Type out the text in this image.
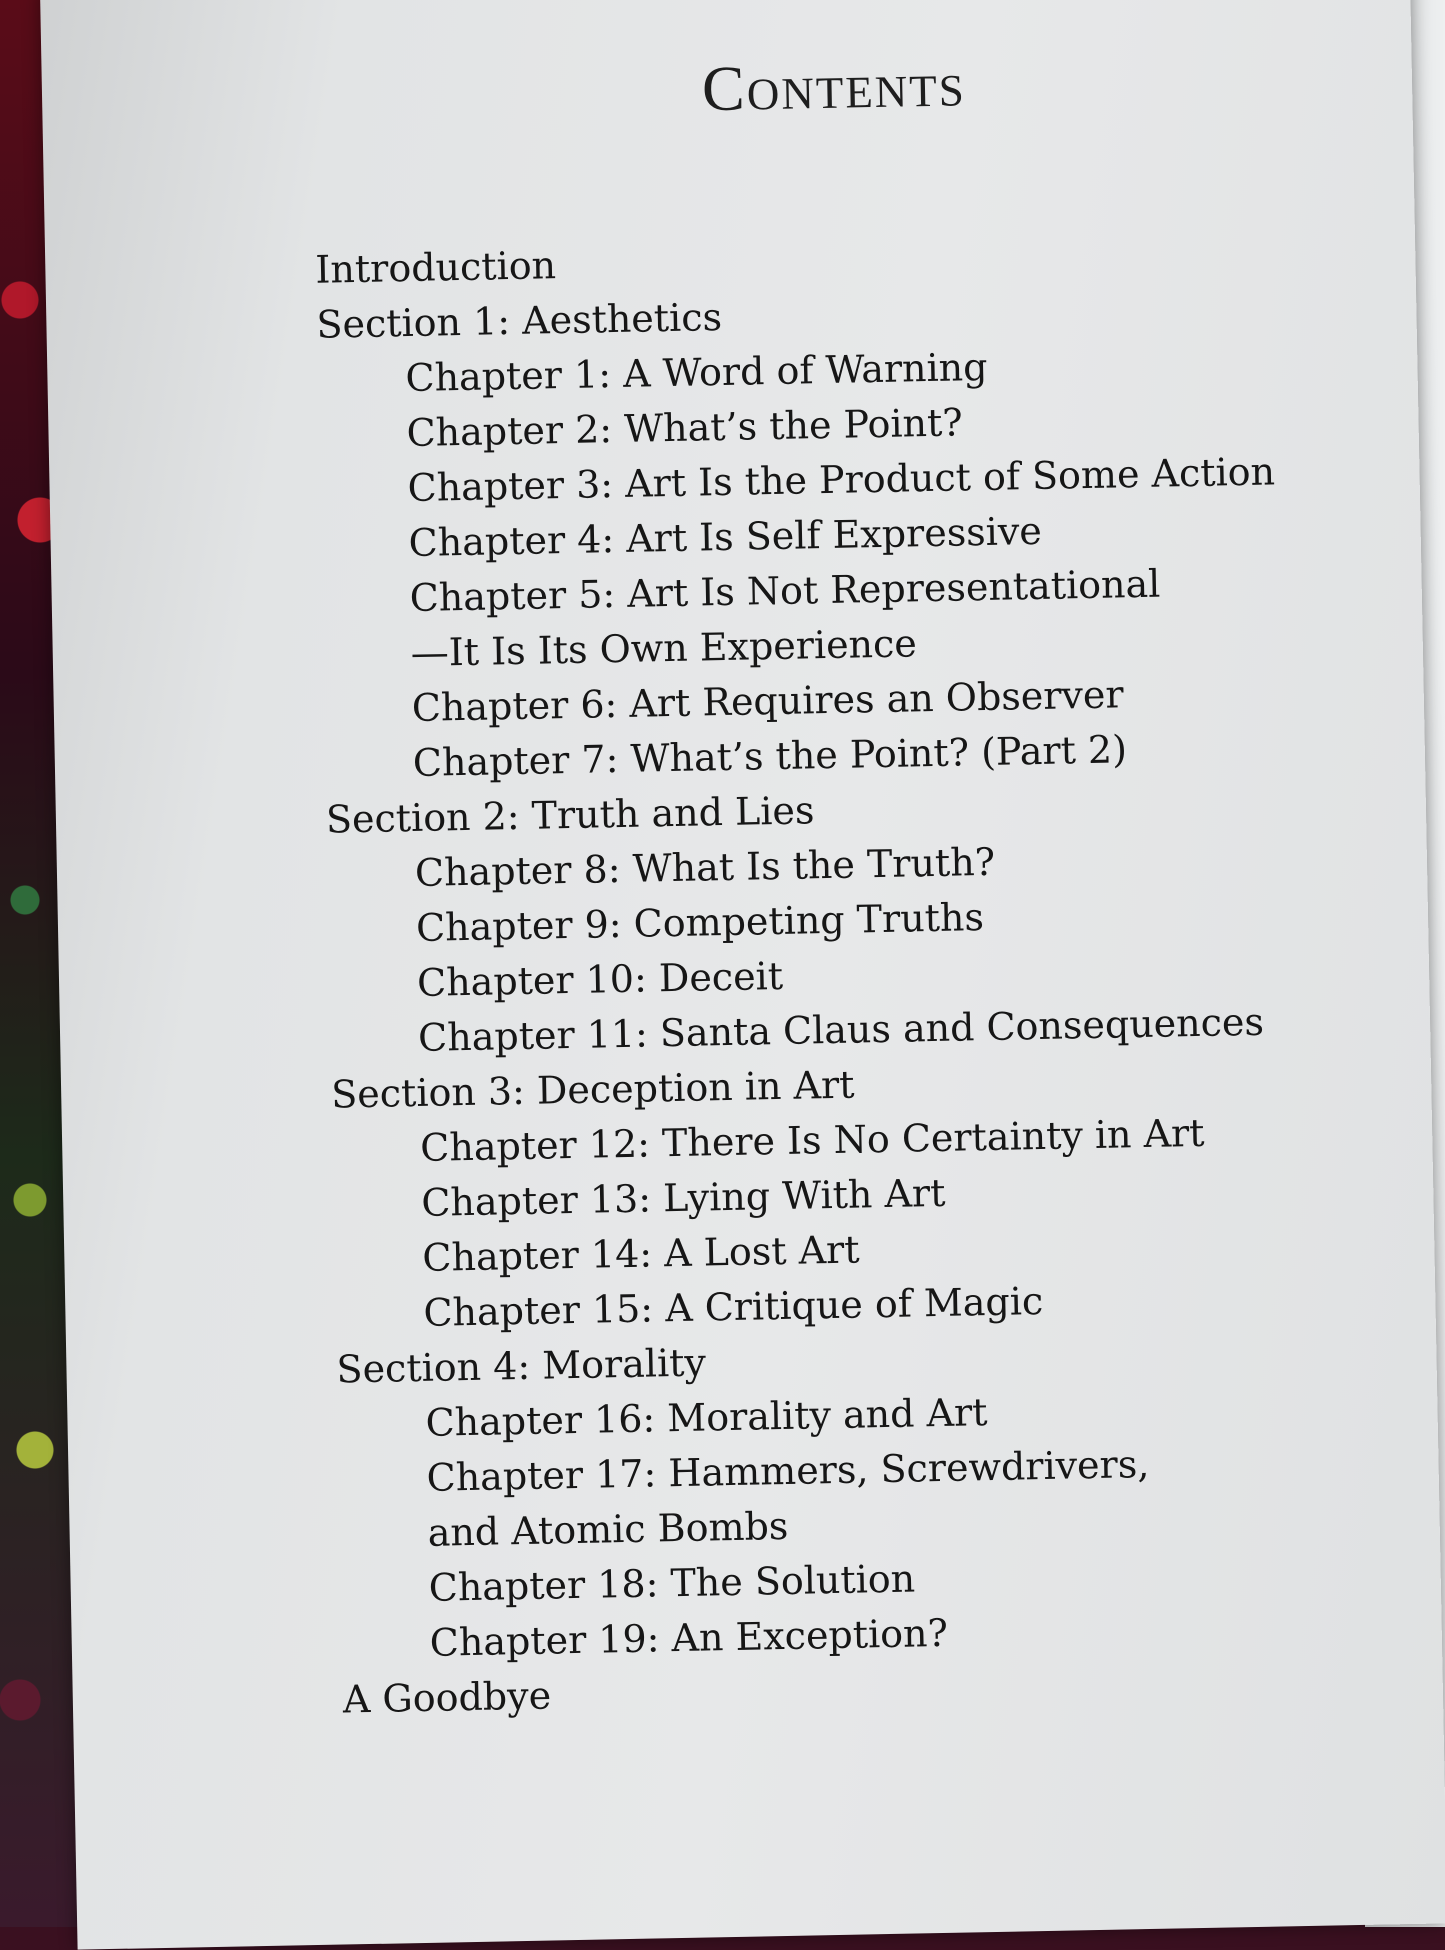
Contents
Introduction
Section 1: Aesthetics
Chapter 1: A Word of Warning
Chapter 2: What’s the Point?
Chapter 3: Art Is the Product of Some Action
Chapter 4: Art Is Self Expressive
Chapter 5: Art Is Not Representational
—It Is Its Own Experience
Chapter 6: Art Requires an Observer
Chapter 7: What’s the Point? (Part 2)
Section 2: Truth and Lies
Chapter 8: What Is the Truth?
Chapter 9: Competing Truths
Chapter 10: Deceit
Chapter 11: Santa Claus and Consequences
Section 3: Deception in Art
Chapter 12: There Is No Certainty in Art
Chapter 13: Lying With Art
Chapter 14: A Lost Art
Chapter 15: A Critique of Magic
Section 4: Morality
Chapter 16: Morality and Art
Chapter 17: Hammers, Screwdrivers,
and Atomic Bombs
Chapter 18: The Solution
Chapter 19: An Exception?
A Goodbye
